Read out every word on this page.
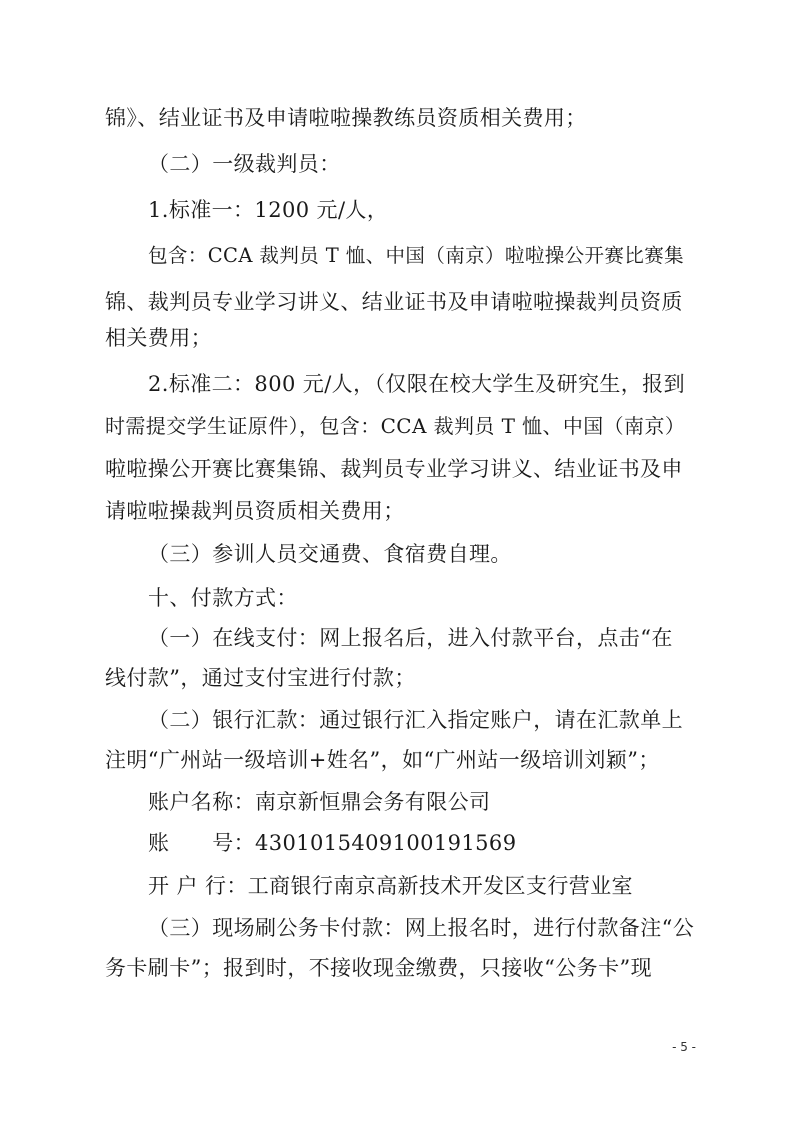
锦》、结业证书及申请啦啦操教练员资质相关费用；
（二）一级裁判员：
1.标准一：1200 元/人，
包含：CCA 裁判员 T 恤、中国（南京）啦啦操公开赛比赛集
锦、裁判员专业学习讲义、结业证书及申请啦啦操裁判员资质
相关费用；
2.标准二：800 元/人，（仅限在校大学生及研究生，报到
时需提交学生证原件），包含：CCA 裁判员 T 恤、中国（南京）
啦啦操公开赛比赛集锦、裁判员专业学习讲义、结业证书及申
请啦啦操裁判员资质相关费用；
（三）参训人员交通费、食宿费自理。
十、付款方式：
（一）在线支付：网上报名后，进入付款平台，点击“在
线付款”，通过支付宝进行付款；
（二）银行汇款：通过银行汇入指定账户，请在汇款单上
注明“广州站一级培训+姓名”，如“广州站一级培训刘颖”；
账户名称：南京新恒鼎会务有限公司
账　　号：4301015409100191569
开 户 行：工商银行南京高新技术开发区支行营业室
（三）现场刷公务卡付款：网上报名时，进行付款备注“公
务卡刷卡”；报到时，不接收现金缴费，只接收“公务卡”现
- 5 -
